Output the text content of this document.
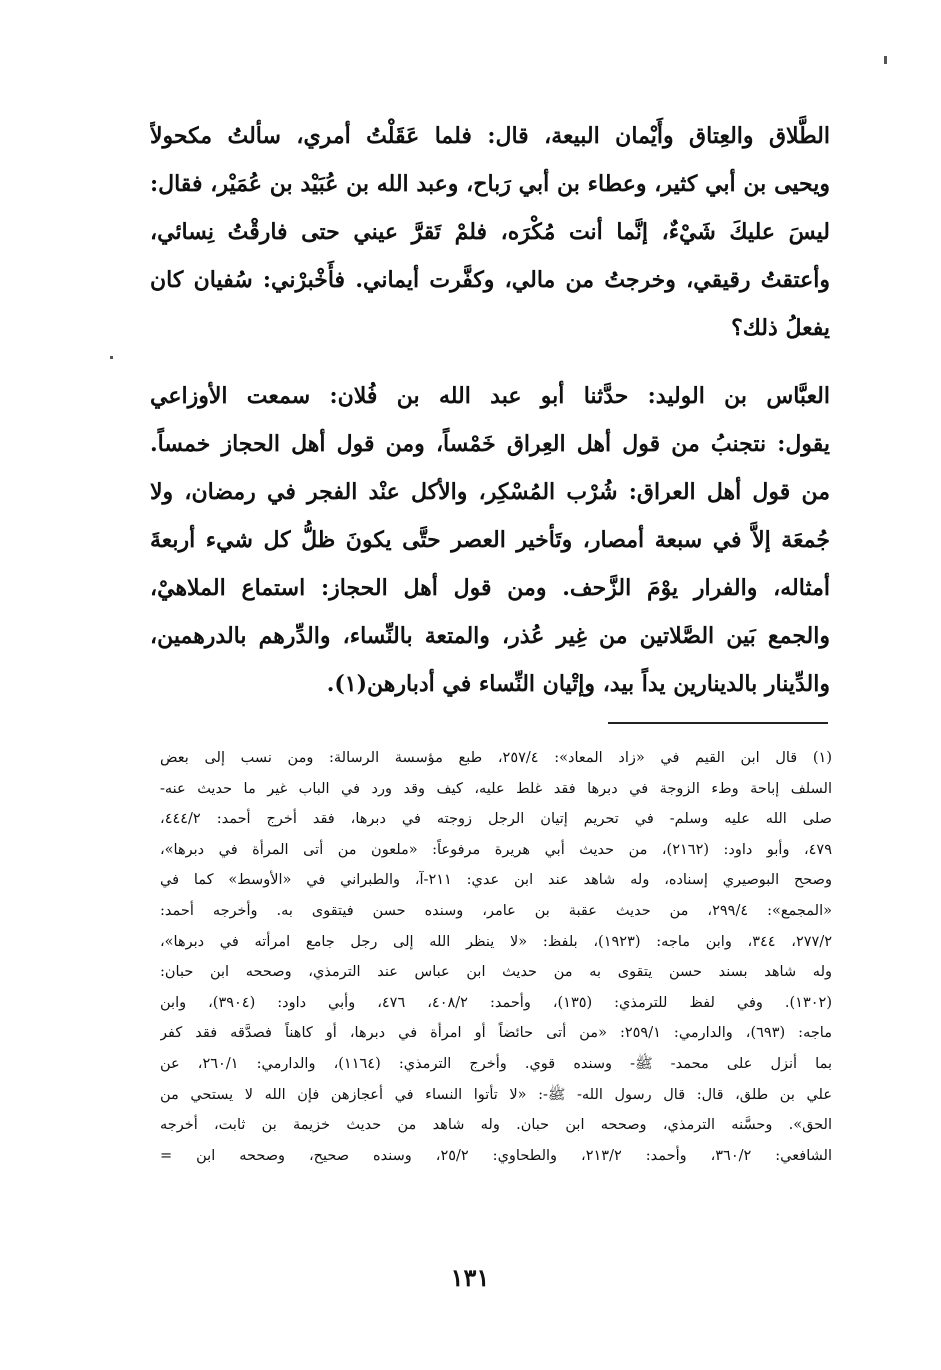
الطَّلاق والعِتاق وأَيْمان البيعة، قال: فلما عَقَلْتُ أمري، سألتُ مكحولاً
ويحيى بن أبي كثير، وعطاء بن أبي رَباح، وعبد الله بن عُبَيْد بن عُمَيْر، فقال:
ليسَ عليكَ شَيْءٌ، إنَّما أنت مُكْرَه، فلمْ تَقرَّ عيني حتى فارقْتُ نِسائي،
وأعتقتُ رقيقي، وخرجتُ من مالي، وكفَّرت أيماني. فأَخْبرْني: سُفيان كان
يفعلُ ذلك؟
العبَّاس بن الوليد: حدَّثنا أبو عبد الله بن فُلان: سمعت الأوزاعي
يقول: نتجنبُ من قول أهل العِراق خَمْساً، ومن قول أهل الحجاز خمساً.
من قول أهل العراق: شُرْب المُسْكِر، والأكل عنْد الفجر في رمضان، ولا
جُمعَة إلاَّ في سبعة أمصار، وتَأخير العصر حتَّى يكونَ ظلُّ كل شيء أربعةَ
أمثاله، والفرار يوْمَ الزَّحف. ومن قول أهل الحجاز: استماع الملاهيْ،
والجمع بَين الصَّلاتين من غِير عُذر، والمتعة بالنِّساء، والدِّرهم بالدرهمين،
والدِّينار بالدينارين يداً بيد، وإتْيان النِّساء في أدبارهن(١).
(١) قال ابن القيم في «زاد المعاد»: ٢٥٧/٤، طبع مؤسسة الرسالة: ومن نسب إلى بعض
السلف إباحة وطء الزوجة في دبرها فقد غلط عليه، كيف وقد ورد في الباب غير ما حديث عنه-
صلى الله عليه وسلم- في تحريم إتيان الرجل زوجته في دبرها، فقد أخرج أحمد: ٤٤٤/٢،
٤٧٩، وأبو داود: (٢١٦٢)، من حديث أبي هريرة مرفوعاً: «ملعون من أتى المرأة في دبرها»،
وصحح البوصيري إسناده، وله شاهد عند ابن عدي: ٢١١-آ، والطبراني في «الأوسط» كما في
«المجمع»: ٢٩٩/٤، من حديث عقبة بن عامر، وسنده حسن فيتقوى به. وأخرجه أحمد:
٢٧٧/٢، ٣٤٤، وابن ماجه: (١٩٢٣)، بلفظ: «لا ينظر الله إلى رجل جامع امرأته في دبرها»،
وله شاهد بسند حسن يتقوى به من حديث ابن عباس عند الترمذي، وصححه ابن حبان:
(١٣٠٢). وفي لفظ للترمذي: (١٣٥)، وأحمد: ٤٠٨/٢، ٤٧٦، وأبي داود: (٣٩٠٤)، وابن
ماجه: (٦٩٣)، والدارمي: ٢٥٩/١: «من أتى حائضاً أو امرأة في دبرها، أو كاهناً فصدَّقه فقد كفر
بما أنزل على محمد- ﷺ- وسنده قوي. وأخرج الترمذي: (١١٦٤)، والدارمي: ٢٦٠/١، عن
علي بن طلق، قال: قال رسول الله- ﷺ-: «لا تأتوا النساء في أعجازهن فإن الله لا يستحي من
الحق». وحسَّنه الترمذي، وصححه ابن حبان. وله شاهد من حديث خزيمة بن ثابت، أخرجه
الشافعي: ٣٦٠/٢، وأحمد: ٢١٣/٢، والطحاوي: ٢٥/٢، وسنده صحيح، وصححه ابن =
١٣١
